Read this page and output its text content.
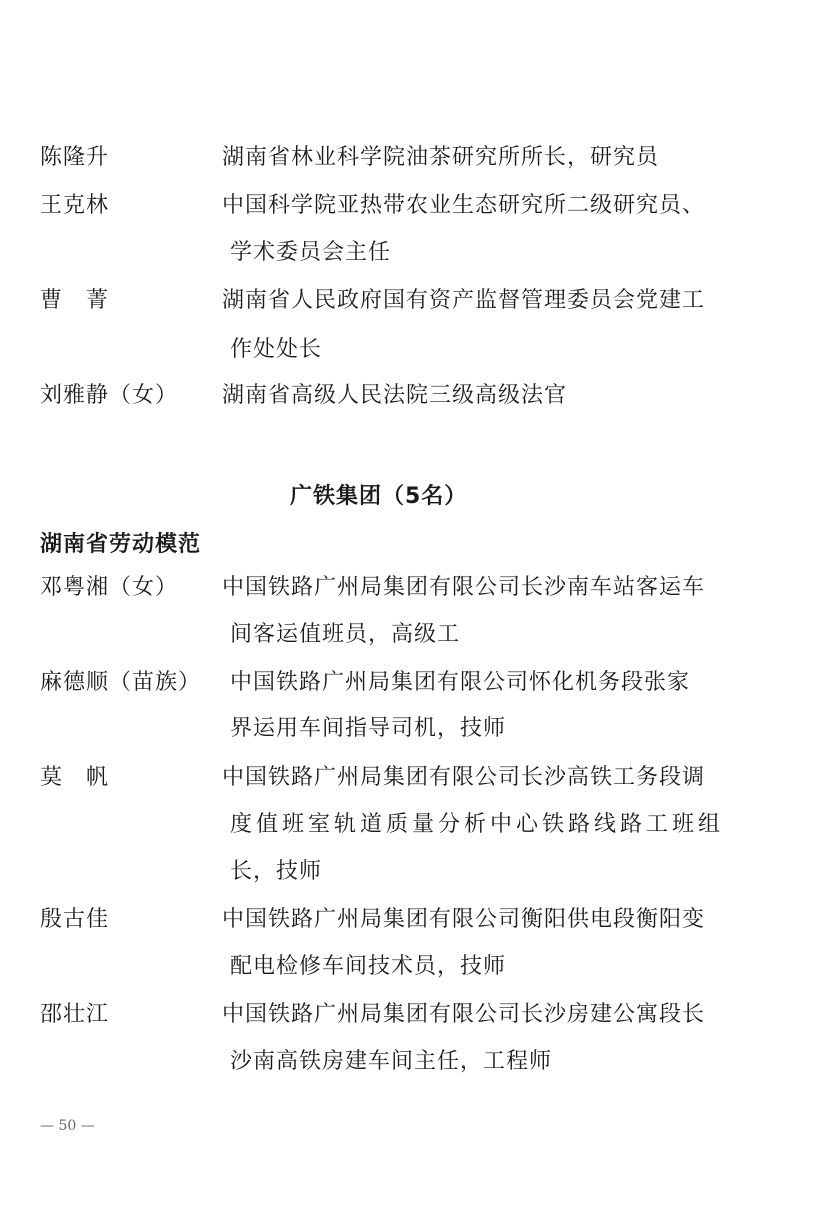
陈隆升	湖南省林业科学院油茶研究所所长，研究员
王克林	中国科学院亚热带农业生态研究所二级研究员、
学术委员会主任
曹　菁	湖南省人民政府国有资产监督管理委员会党建工
作处处长
刘雅静（女） 湖南省高级人民法院三级高级法官
广铁集团（5名）
湖南省劳动模范
邓粤湘（女） 中国铁路广州局集团有限公司长沙南车站客运车
间客运值班员，高级工
麻德顺（苗族） 中国铁路广州局集团有限公司怀化机务段张家
界运用车间指导司机，技师
莫　帆	中国铁路广州局集团有限公司长沙高铁工务段调
度值班室轨道质量分析中心铁路线路工班组
长，技师
殷古佳	中国铁路广州局集团有限公司衡阳供电段衡阳变
配电检修车间技术员，技师
邵壮江	中国铁路广州局集团有限公司长沙房建公寓段长
沙南高铁房建车间主任，工程师
— 50 —
